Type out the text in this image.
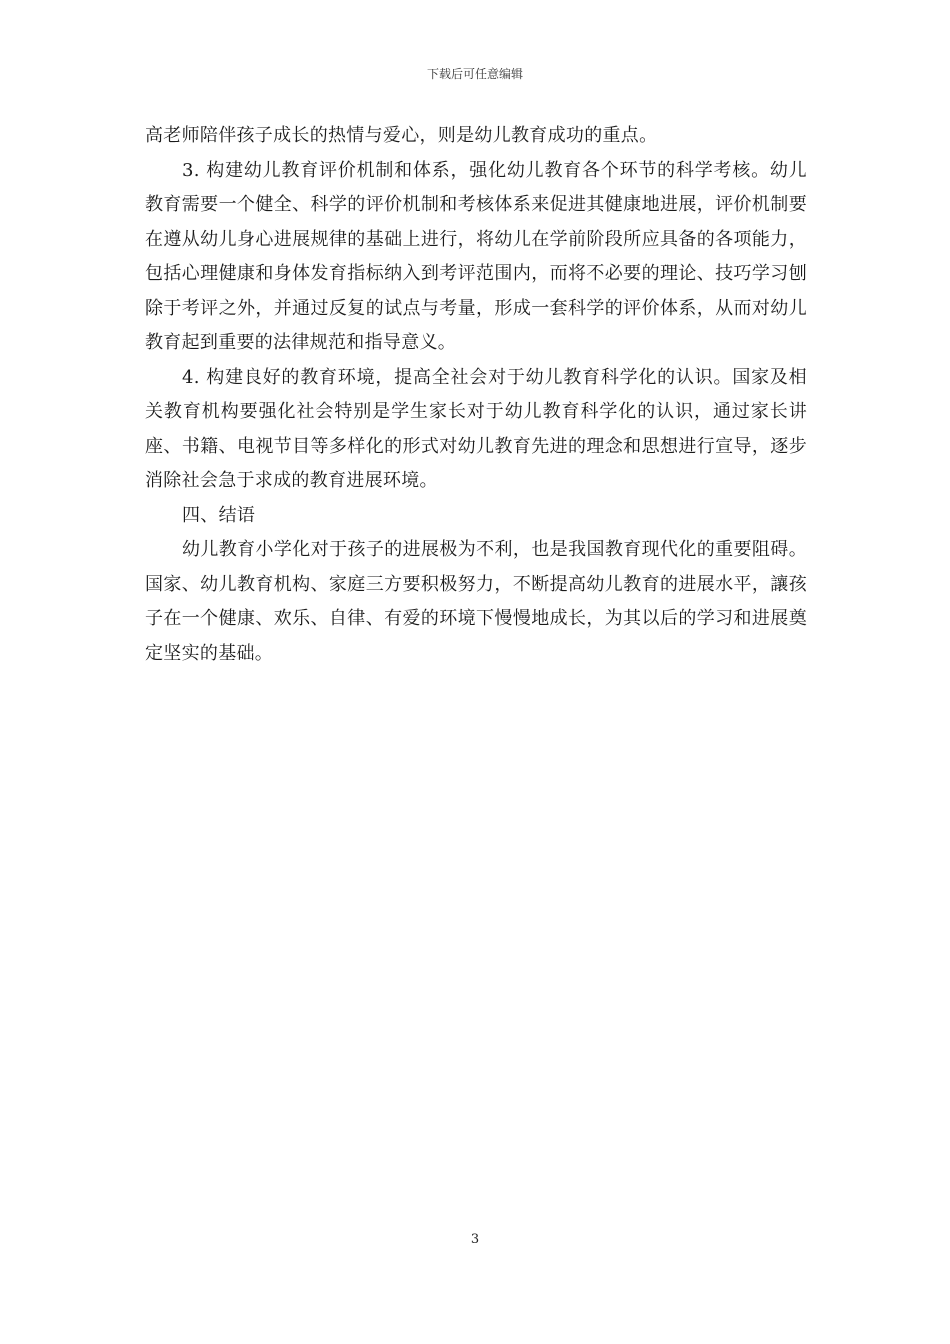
下载后可任意编辑

高老师陪伴孩子成长的热情与爱心，则是幼儿教育成功的重点。

3. 构建幼儿教育评价机制和体系，强化幼儿教育各个环节的科学考核。幼儿教育需要一个健全、科学的评价机制和考核体系来促进其健康地进展，评价机制要在遵从幼儿身心进展规律的基础上进行，将幼儿在学前阶段所应具备的各项能力，包括心理健康和身体发育指标纳入到考评范围内，而将不必要的理论、技巧学习刨除于考评之外，并通过反复的试点与考量，形成一套科学的评价体系，从而对幼儿教育起到重要的法律规范和指导意义。

4. 构建良好的教育环境，提高全社会对于幼儿教育科学化的认识。国家及相关教育机构要强化社会特别是学生家长对于幼儿教育科学化的认识，通过家长讲座、书籍、电视节目等多样化的形式对幼儿教育先进的理念和思想进行宣导，逐步消除社会急于求成的教育进展环境。

四、结语

幼儿教育小学化对于孩子的进展极为不利，也是我国教育现代化的重要阻碍。国家、幼儿教育机构、家庭三方要积极努力，不断提高幼儿教育的进展水平，讓孩子在一个健康、欢乐、自律、有爱的环境下慢慢地成长，为其以后的学习和进展奠定坚实的基础。

3
